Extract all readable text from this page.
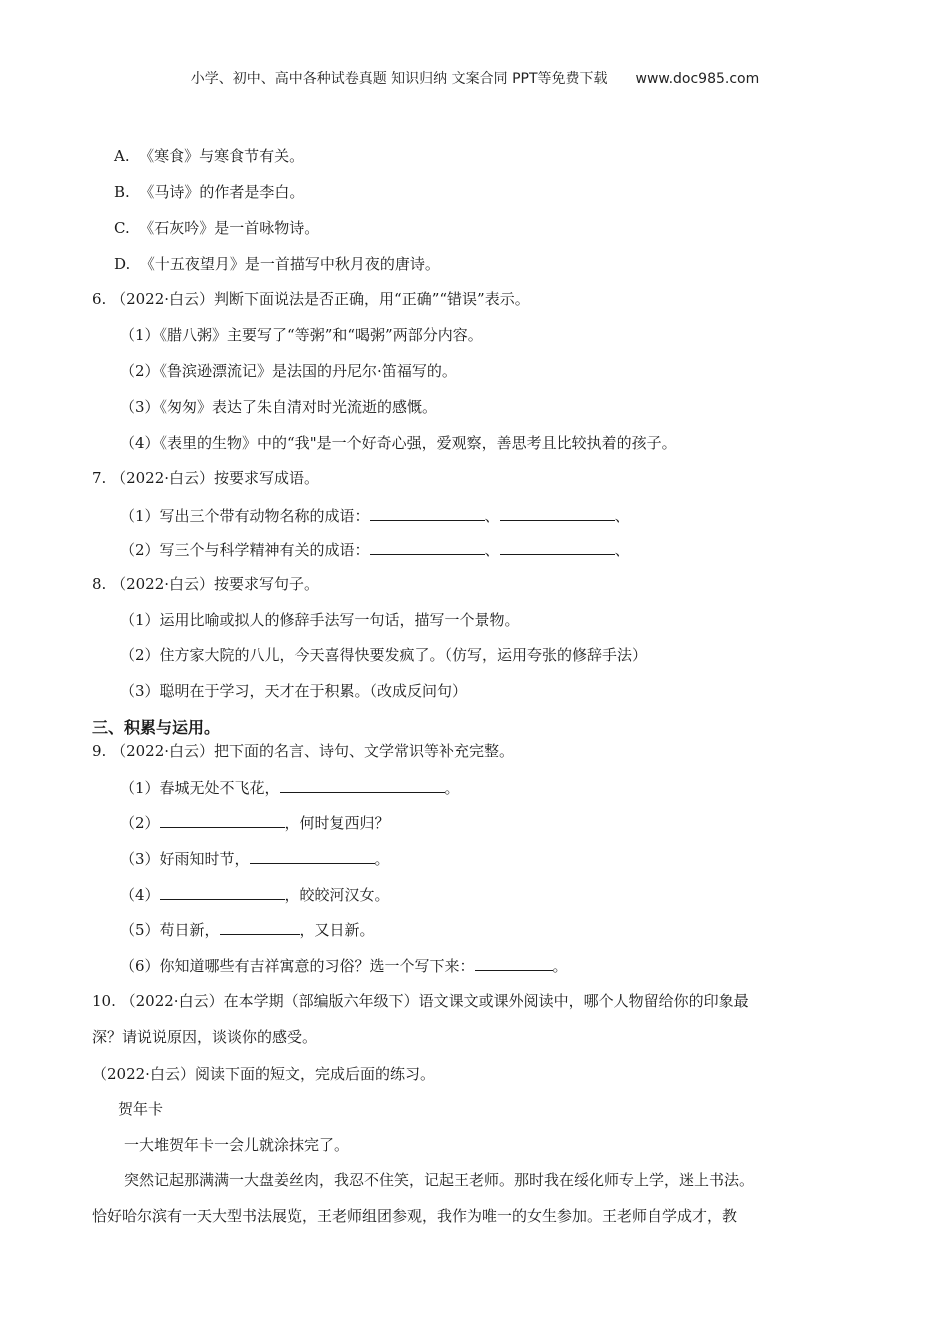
小学、初中、高中各种试卷真题 知识归纳 文案合同 PPT等免费下载 www.doc985.com
A. 《寒食》与寒食节有关。
B. 《马诗》的作者是李白。
C. 《石灰吟》是一首咏物诗。
D. 《十五夜望月》是一首描写中秋月夜的唐诗。
6. （2022·白云）判断下面说法是否正确，用“正确”“错误”表示。
（1）《腊八粥》主要写了“等粥”和“喝粥”两部分内容。
（2）《鲁滨逊漂流记》是法国的丹尼尔·笛福写的。
（3）《匆匆》表达了朱自清对时光流逝的感慨。
（4）《表里的生物》中的“我"是一个好奇心强，爱观察，善思考且比较执着的孩子。
7. （2022·白云）按要求写成语。
（1）写出三个带有动物名称的成语：	、	、
（2）写三个与科学精神有关的成语：	、	、
8. （2022·白云）按要求写句子。
（1）运用比喻或拟人的修辞手法写一句话，描写一个景物。
（2）住方家大院的八儿，今天喜得快要发疯了。（仿写，运用夸张的修辞手法）
（3）聪明在于学习，天才在于积累。（改成反问句）
三、积累与运用。
9. （2022·白云）把下面的名言、诗句、文学常识等补充完整。
（1）春城无处不飞花，	。
（2）	，何时复西归？
（3）好雨知时节，	。
（4）	，皎皎河汉女。
（5）苟日新，	，又日新。
（6）你知道哪些有吉祥寓意的习俗？选一个写下来：	。
10. （2022·白云）在本学期（部编版六年级下）语文课文或课外阅读中，哪个人物留给你的印象最
深？请说说原因，谈谈你的感受。
（2022·白云）阅读下面的短文，完成后面的练习。
贺年卡
一大堆贺年卡一会儿就涂抹完了。
突然记起那满满一大盘姜丝肉，我忍不住笑，记起王老师。那时我在绥化师专上学，迷上书法。
恰好哈尔滨有一天大型书法展览，王老师组团参观，我作为唯一的女生参加。王老师自学成才，教
